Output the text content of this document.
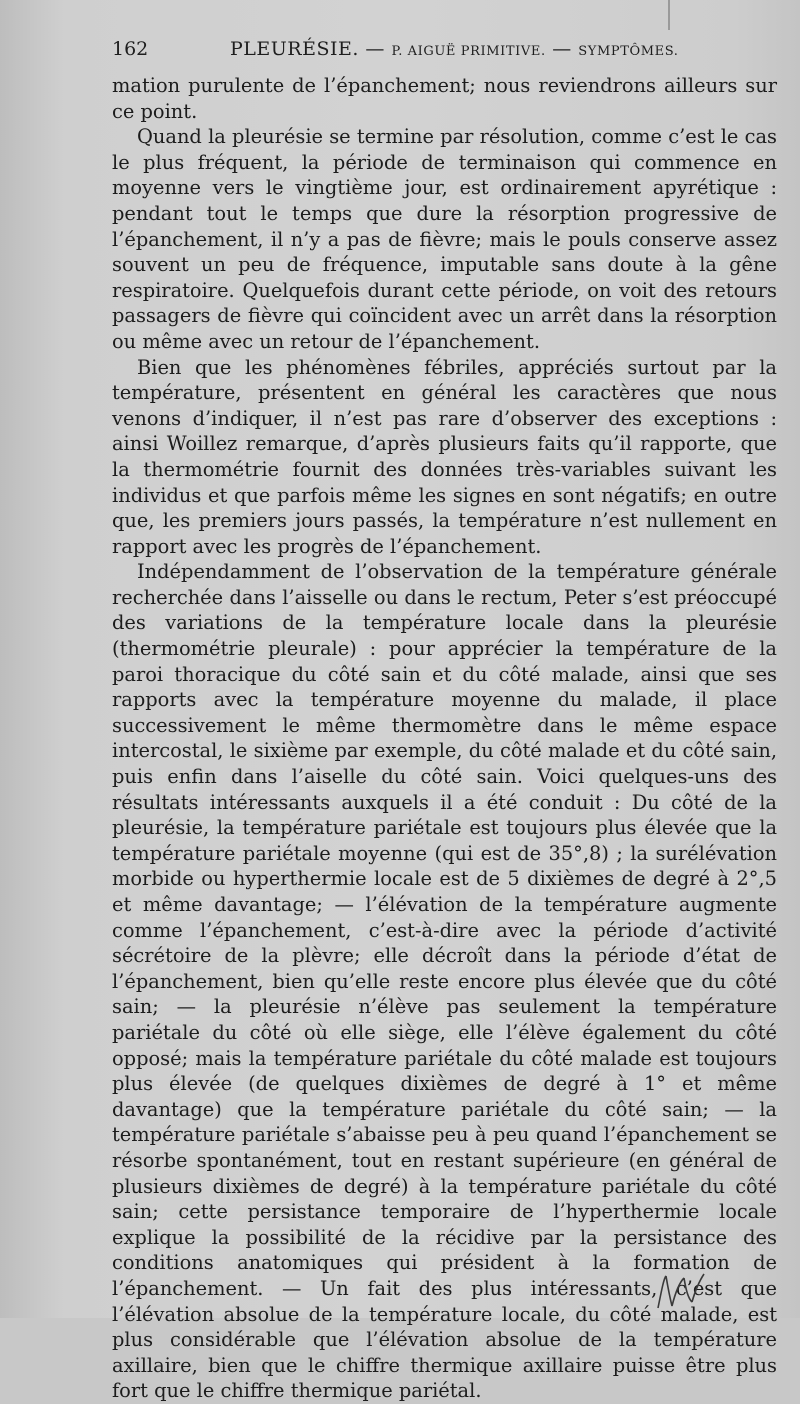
162	PLEURÉSIE. — P. AIGUË PRIMITIVE. — SYMPTÔMES.

mation purulente de l’épanchement; nous reviendrons ailleurs sur ce point.

Quand la pleurésie se termine par résolution, comme c’est le cas le plus fréquent, la période de terminaison qui commence en moyenne vers le vingtième jour, est ordinairement apyrétique : pendant tout le temps que dure la résorption progressive de l’épanchement, il n’y a pas de fièvre; mais le pouls conserve assez souvent un peu de fréquence, imputable sans doute à la gêne respiratoire. Quelquefois durant cette période, on voit des retours passagers de fièvre qui coïncident avec un arrêt dans la résorption ou même avec un retour de l’épanchement.

Bien que les phénomènes fébriles, appréciés surtout par la température, présentent en général les caractères que nous venons d’indiquer, il n’est pas rare d’observer des exceptions : ainsi Woillez remarque, d’après plusieurs faits qu’il rapporte, que la thermométrie fournit des données très-variables suivant les individus et que parfois même les signes en sont négatifs; en outre que, les premiers jours passés, la température n’est nullement en rapport avec les progrès de l’épanchement.

Indépendamment de l’observation de la température générale recherchée dans l’aisselle ou dans le rectum, Peter s’est préoccupé des variations de la température locale dans la pleurésie (thermométrie pleurale) : pour apprécier la température de la paroi thoracique du côté sain et du côté malade, ainsi que ses rapports avec la température moyenne du malade, il place successivement le même thermomètre dans le même espace intercostal, le sixième par exemple, du côté malade et du côté sain, puis enfin dans l’aiselle du côté sain. Voici quelques-uns des résultats intéressants auxquels il a été conduit : Du côté de la pleurésie, la température pariétale est toujours plus élevée que la température pariétale moyenne (qui est de 35°,8) ; la surélévation morbide ou hyperthermie locale est de 5 dixièmes de degré à 2°,5 et même davantage; — l’élévation de la température augmente comme l’épanchement, c’est-à-dire avec la période d’activité sécrétoire de la plèvre; elle décroît dans la période d’état de l’épanchement, bien qu’elle reste encore plus élevée que du côté sain; — la pleurésie n’élève pas seulement la température pariétale du côté où elle siège, elle l’élève également du côté opposé; mais la température pariétale du côté malade est toujours plus élevée (de quelques dixièmes de degré à 1° et même davantage) que la température pariétale du côté sain; — la température pariétale s’abaisse peu à peu quand l’épanchement se résorbe spontanément, tout en restant supérieure (en général de plusieurs dixièmes de degré) à la température pariétale du côté sain; cette persistance temporaire de l’hyperthermie locale explique la possibilité de la récidive par la persistance des conditions anatomiques qui président à la formation de l’épanchement. — Un fait des plus intéressants, c’est que l’élévation absolue de la température locale, du côté malade, est plus considérable que l’élévation absolue de la température axillaire, bien que le chiffre thermique axillaire puisse être plus fort que le chiffre thermique pariétal.
